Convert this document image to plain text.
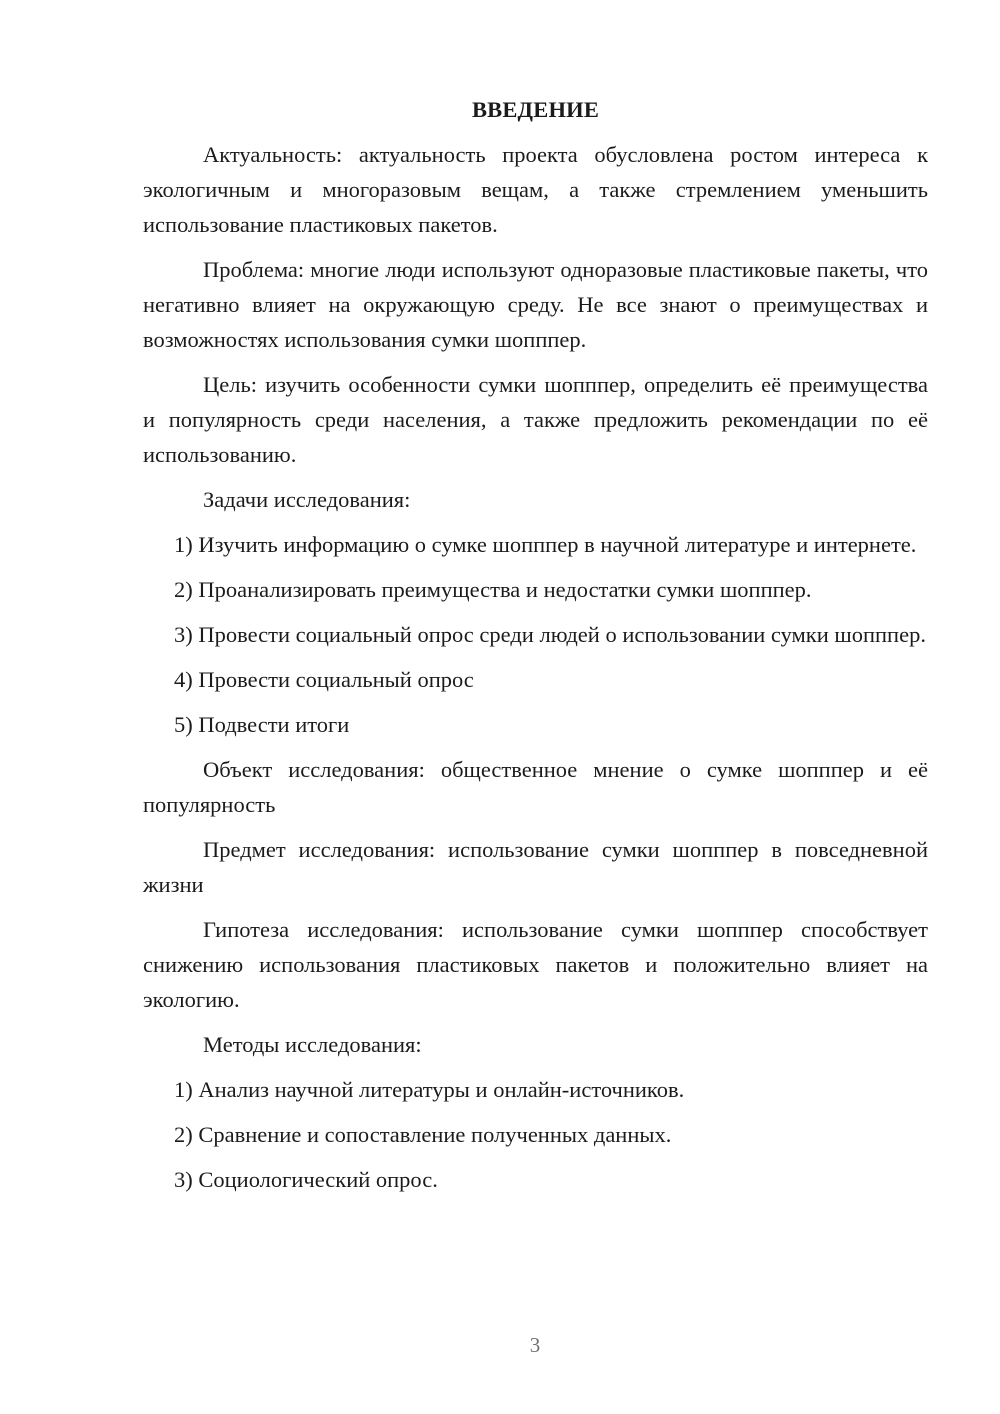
ВВЕДЕНИЕ

Актуальность: актуальность проекта обусловлена ростом интереса к экологичным и многоразовым вещам, а также стремлением уменьшить использование пластиковых пакетов.

Проблема: многие люди используют одноразовые пластиковые пакеты, что негативно влияет на окружающую среду. Не все знают о преимуществах и возможностях использования сумки шопппер.

Цель: изучить особенности сумки шопппер, определить её преимущества и популярность среди населения, а также предложить рекомендации по её использованию.

Задачи исследования:

1) Изучить информацию о сумке шопппер в научной литературе и интернете.

2) Проанализировать преимущества и недостатки сумки шопппер.

3) Провести социальный опрос среди людей о использовании сумки шопппер.

4) Провести социальный опрос

5) Подвести итоги

Объект исследования: общественное мнение о сумке шопппер и её популярность

Предмет исследования: использование сумки шопппер в повседневной жизни

Гипотеза исследования: использование сумки шопппер способствует снижению использования пластиковых пакетов и положительно влияет на экологию.

Методы исследования:

1) Анализ научной литературы и онлайн-источников.

2) Сравнение и сопоставление полученных данных.

3) Социологический опрос.

3
